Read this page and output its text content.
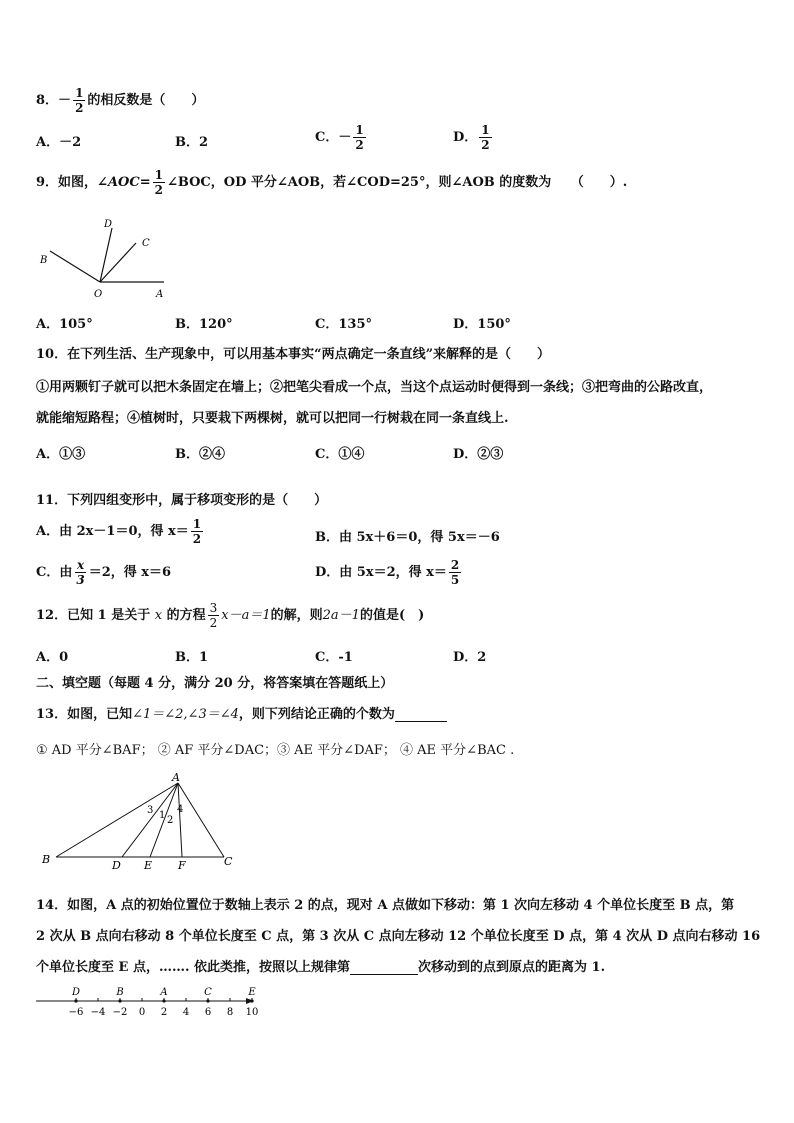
8．－ $\frac{1}{2}$ 的相反数是（　　）
A．－2	B．2	C．－ $\frac{1}{2}$	D． $\frac{1}{2}$
9．如图，∠AOC= $\frac{1}{2}$ ∠BOC，OD 平分∠AOB，若∠COD=25°，则∠AOB 的度数为　　（　　）.
D
C
B
O	A
A．105°	B．120°	C．135°	D．150°
10．在下列生活、生产现象中，可以用基本事实“两点确定一条直线”来解释的是（　　）
①用两颗钉子就可以把木条固定在墙上；②把笔尖看成一个点，当这个点运动时便得到一条线；③把弯曲的公路改直，
就能缩短路程；④植树时，只要栽下两棵树，就可以把同一行树栽在同一条直线上.
A．①③	B．②④	C．①④	D．②③
11．下列四组变形中，属于移项变形的是（　　）
A．由 2x－1＝0，得 $x= \frac{1}{2}$	B．由 5x＋6＝0，得 5x＝－6
C．由 $\frac{x}{3} =2$，得 x＝6	D．由 5x＝2，得 $x= \frac{2}{5}$
12．已知 1 是关于 x 的方程 $\frac{3}{2} x-a=1$的解，则2a－1的值是(　)
A．0	B．1	C．-1	D．2
二、填空题（每题 4 分，满分 20 分，将答案填在答题纸上）
13．如图，已知∠1＝∠2,∠3＝∠4，则下列结论正确的个数为
① AD 平分∠BAF； ② AF 平分∠DAC；③ AE 平分∠DAF； ④ AE 平分∠BAC .
A
B	C
D E F
1 2
3 4
14．如图，A 点的初始位置位于数轴上表示 2 的点，现对 A 点做如下移动：第 1 次向左移动 4 个单位长度至 B 点，第
2 次从 B 点向右移动 8 个单位长度至 C 点，第 3 次从 C 点向左移动 12 个单位长度至 D 点，第 4 次从 D 点向右移动 16
个单位长度至 E 点，……. 依此类推，按照以上规律第	次移动到的点到原点的距离为 1.
−6 −4 −2 0 2 4 6 8 10
D	B	A	C	E
